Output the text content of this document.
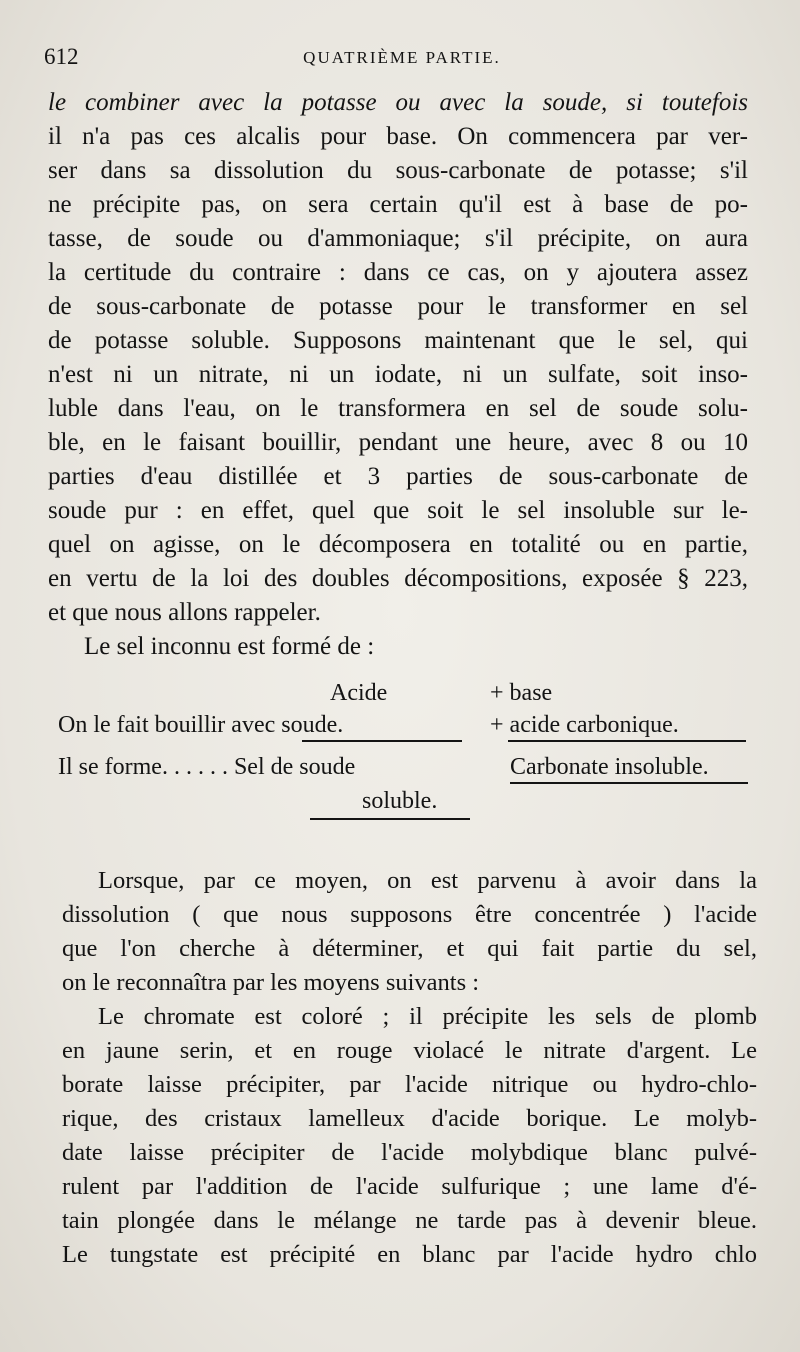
612	QUATRIÈME PARTIE.
le combiner avec la potasse ou avec la soude, si toutefois
il n'a pas ces alcalis pour base. On commencera par ver-
ser dans sa dissolution du sous-carbonate de potasse; s'il
ne précipite pas, on sera certain qu'il est à base de po-
tasse, de soude ou d'ammoniaque; s'il précipite, on aura
la certitude du contraire : dans ce cas, on y ajoutera assez
de sous-carbonate de potasse pour le transformer en sel
de potasse soluble. Supposons maintenant que le sel, qui
n'est ni un nitrate, ni un iodate, ni un sulfate, soit inso-
luble dans l'eau, on le transformera en sel de soude solu-
ble, en le faisant bouillir, pendant une heure, avec 8 ou 10
parties d'eau distillée et 3 parties de sous-carbonate de
soude pur : en effet, quel que soit le sel insoluble sur le-
quel on agisse, on le décomposera en totalité ou en partie,
en vertu de la loi des doubles décompositions, exposée § 223,
et que nous allons rappeler.
Le sel inconnu est formé de :
Acide	+ base
On le fait bouillir avec soude.	+ acide carbonique.
Il se forme. . . . . . Sel de soude	Carbonate insoluble.
soluble.
Lorsque, par ce moyen, on est parvenu à avoir dans la
dissolution ( que nous supposons être concentrée ) l'acide
que l'on cherche à déterminer, et qui fait partie du sel,
on le reconnaîtra par les moyens suivants :
Le chromate est coloré ; il précipite les sels de plomb
en jaune serin, et en rouge violacé le nitrate d'argent. Le
borate laisse précipiter, par l'acide nitrique ou hydro-chlo-
rique, des cristaux lamelleux d'acide borique. Le molyb-
date laisse précipiter de l'acide molybdique blanc pulvé-
rulent par l'addition de l'acide sulfurique ; une lame d'é-
tain plongée dans le mélange ne tarde pas à devenir bleue.
Le tungstate est précipité en blanc par l'acide hydro chlo
